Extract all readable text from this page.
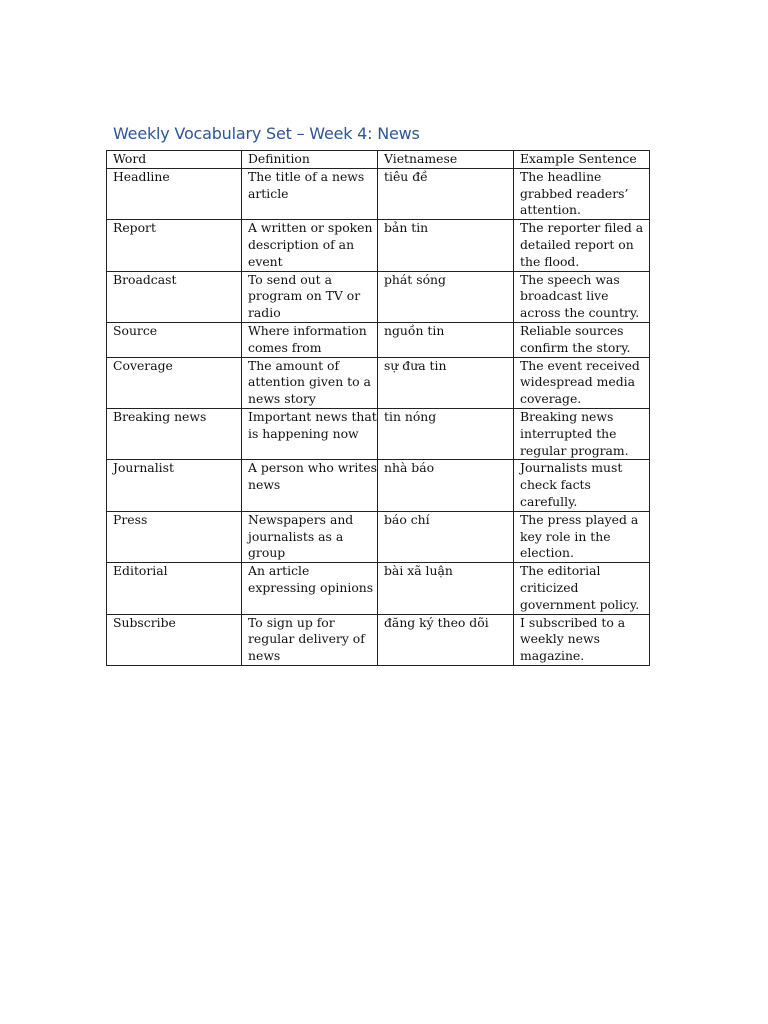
Weekly Vocabulary Set – Week 4: News
Word	Definition	Vietnamese	Example Sentence
Headline	The title of a news article	tiêu đề	The headline grabbed readers’ attention.
Report	A written or spoken description of an event	bản tin	The reporter filed a detailed report on the flood.
Broadcast	To send out a program on TV or radio	phát sóng	The speech was broadcast live across the country.
Source	Where information comes from	nguồn tin	Reliable sources confirm the story.
Coverage	The amount of attention given to a news story	sự đưa tin	The event received widespread media coverage.
Breaking news	Important news that is happening now	tin nóng	Breaking news interrupted the regular program.
Journalist	A person who writes news	nhà báo	Journalists must check facts carefully.
Press	Newspapers and journalists as a group	báo chí	The press played a key role in the election.
Editorial	An article expressing opinions	bài xã luận	The editorial criticized government policy.
Subscribe	To sign up for regular delivery of news	đăng ký theo dõi	I subscribed to a weekly news magazine.
